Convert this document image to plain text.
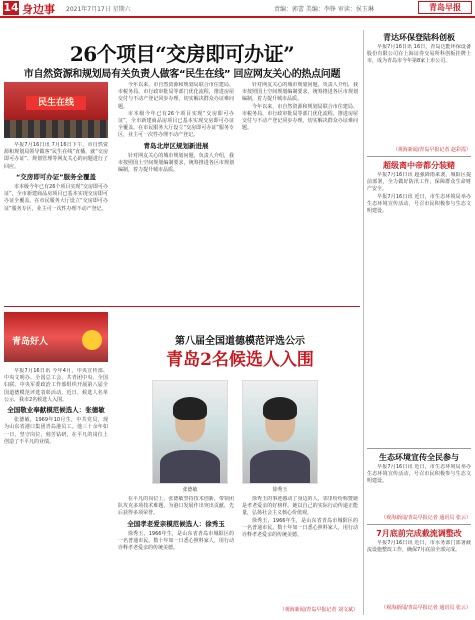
14 身边事 2021年7月17日 星期六	责编：郭蕾 美编：李铮 审读：侯玉琳	青岛早报
26个项目“交房即可办证”
市自然资源和规划局有关负责人做客“民生在线” 回应网友关心的热点问题
民生在线

早报7月16日讯 7月16日下午，市自然资源和规划局领导做客“民生在线”直播，就“交房即可办证”、规划管理等网友关心的问题进行了回应。

“交房即可办证”服务全覆盖

市本级今年已有26个项目实现“交房即可办证”，全市新建商品房项目已基本实现交房即可办证全覆盖。在市民服务大厅设立“交房即可办证”服务专区，业主可一次性办理不动产登记。

今年以来，市自然资源和规划局联合市住建局、市税务局、市行政审批局等部门优化流程，推进房屋交付与不动产登记同步办理，切实解决群众办证难问题。

市本级今年已有26个项目实现“交房即可办证”，全市新建商品房项目已基本实现交房即可办证全覆盖。在市民服务大厅设立“交房即可办证”服务专区，业主可一次性办理不动产登记。

青岛北岸区规划新进展

针对网友关心的城市规划问题，负责人介绍，我市按照国土空间规划编制要求，统筹推进各区市规划编制，着力提升城市品质。

针对网友关心的城市规划问题，负责人介绍，我市按照国土空间规划编制要求，统筹推进各区市规划编制，着力提升城市品质。

今年以来，市自然资源和规划局联合市住建局、市税务局、市行政审批局等部门优化流程，推进房屋交付与不动产登记同步办理，切实解决群众办证难问题。

青达环保登陆科创板

早报7月16日讯 16日，青岛达能环保设备股份有限公司在上海证券交易所科创板挂牌上市，成为青岛市今年第8家上市公司。

（观海新闻/青岛早报记者 赵彩霞）
超级离中帝都分装赌

早报7月16日讯 超强降雨来袭，城阳区提前部署，全力做好防汛工作，保障群众生命财产安全。

早报7月16日讯 近日，市生态环境局举办生态环境宣传活动，号召市民积极参与生态文明建设。

生态环境宣传全民参与

早报7月16日讯 近日，市生态环境局举办生态环境宣传活动，号召市民积极参与生态文明建设。

（观海新闻/青岛早报记者 通讯员 张云）
7月底前完成截流调整改

早报7月16日讯 近日，市水务部门部署截流设施整改工作，确保7月底前全部完成。

（观海新闻/青岛早报记者 通讯员 张云）
青岛好人	第八届全国道德模范评选公示
青岛2名候选人入围

早报7月16日讯 今年4月，中央宣传部、中央文明办、全国总工会、共青团中央、全国妇联、中央军委政治工作部组织开展第八届全国道德模范评选表彰活动。近日，候选人名单公示，我市2名候选人入围。

全国敬业奉献模范候选人：张德敏

张德敏，1969年10月生，中共党员，现为山东省港口集团青岛港员工。他三十余年如一日，坚守岗位，刻苦钻研，在平凡的岗位上创造了不平凡的业绩。

张德敏	徐秀玉

在平凡的岗位上，张德敏坚持技术创新，带领团队攻克多项技术难题，为港口发展作出突出贡献，先后获得多项荣誉。

全国孝老爱亲模范候选人：徐秀玉

徐秀玉，1966年生，是山东省青岛市城阳区的一名普通市民。数十年如一日悉心照料家人，用行动诠释孝老爱亲的传统美德。

徐秀玉的事迹感动了身边的人，邻里纷纷称赞她是孝老爱亲的好榜样。她以自己的实际行动传递正能量，弘扬社会主义核心价值观。

徐秀玉，1966年生，是山东省青岛市城阳区的一名普通市民。数十年如一日悉心照料家人，用行动诠释孝老爱亲的传统美德。

（观海新闻/青岛早报记者 刘文斌）
